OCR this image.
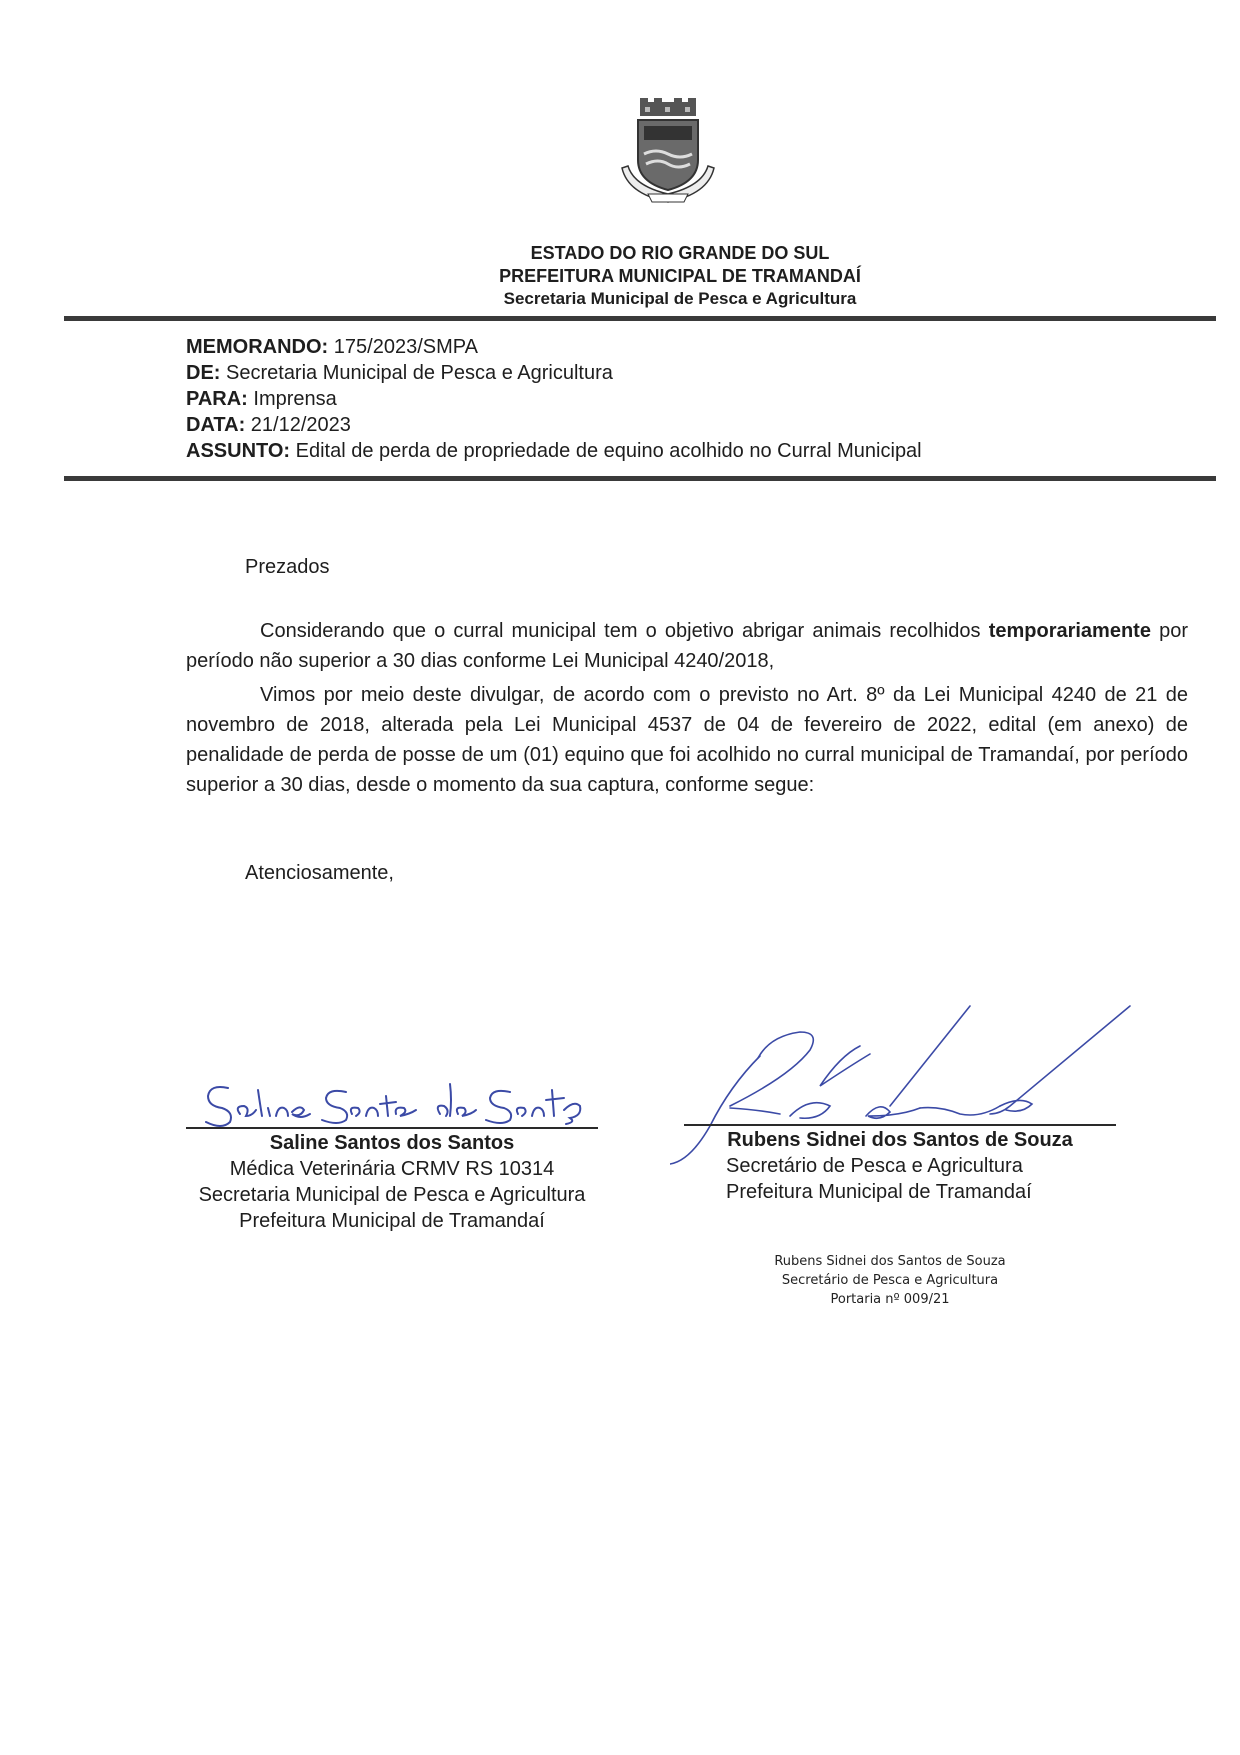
ESTADO DO RIO GRANDE DO SUL
PREFEITURA MUNICIPAL DE TRAMANDAÍ
Secretaria Municipal de Pesca e Agricultura
MEMORANDO: 175/2023/SMPA
DE: Secretaria Municipal de Pesca e Agricultura
PARA: Imprensa
DATA: 21/12/2023
ASSUNTO: Edital de perda de propriedade de equino acolhido no Curral Municipal
Prezados
Considerando que o curral municipal tem o objetivo abrigar animais recolhidos temporariamente por período não superior a 30 dias conforme Lei Municipal 4240/2018,
Vimos por meio deste divulgar, de acordo com o previsto no Art. 8º da Lei Municipal 4240 de 21 de novembro de 2018, alterada pela Lei Municipal 4537 de 04 de fevereiro de 2022, edital (em anexo) de penalidade de perda de posse de um (01) equino que foi acolhido no curral municipal de Tramandaí, por período superior a 30 dias, desde o momento da sua captura, conforme segue:
Atenciosamente,
Saline Santos dos Santos
Médica Veterinária CRMV RS 10314
Secretaria Municipal de Pesca e Agricultura
Prefeitura Municipal de Tramandaí
Rubens Sidnei dos Santos de Souza
Secretário de Pesca e Agricultura
Prefeitura Municipal de Tramandaí
Rubens Sidnei dos Santos de Souza
Secretário de Pesca e Agricultura
Portaria nº 009/21
